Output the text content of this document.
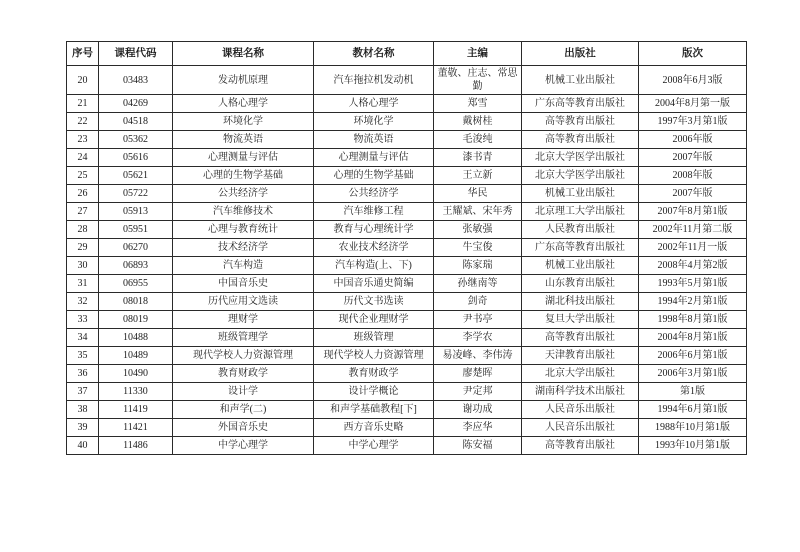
序号	课程代码	课程名称	教材名称	主编	出版社	版次
20	03483	发动机原理	汽车拖拉机发动机	董敬、庄志、常思勤	机械工业出版社	2008年6月3版
21	04269	人格心理学	人格心理学	郑雪	广东高等教育出版社	2004年8月第一版
22	04518	环境化学	环境化学	戴树桂	高等教育出版社	1997年3月第1版
23	05362	物流英语	物流英语	毛浚纯	高等教育出版社	2006年版
24	05616	心理测量与评估	心理测量与评估	漆书青	北京大学医学出版社	2007年版
25	05621	心理的生物学基础	心理的生物学基础	王立新	北京大学医学出版社	2008年版
26	05722	公共经济学	公共经济学	华民	机械工业出版社	2007年版
27	05913	汽车维修技术	汽车维修工程	王耀斌、宋年秀	北京理工大学出版社	2007年8月第1版
28	05951	心理与教育统计	教育与心理统计学	张敏强	人民教育出版社	2002年11月第二版
29	06270	技术经济学	农业技术经济学	牛宝俊	广东高等教育出版社	2002年11月一版
30	06893	汽车构造	汽车构造(上、下)	陈家瑞	机械工业出版社	2008年4月第2版
31	06955	中国音乐史	中国音乐通史简编	孙继南等	山东教育出版社	1993年5月第1版
32	08018	历代应用文选读	历代文书选读	剑奇	湖北科技出版社	1994年2月第1版
33	08019	理财学	现代企业理财学	尹书亭	复旦大学出版社	1998年8月第1版
34	10488	班级管理学	班级管理	李学农	高等教育出版社	2004年8月第1版
35	10489	现代学校人力资源管理	现代学校人力资源管理	易凌峰、李伟涛	天津教育出版社	2006年6月第1版
36	10490	教育财政学	教育财政学	廖楚晖	北京大学出版社	2006年3月第1版
37	11330	设计学	设计学概论	尹定邦	湖南科学技术出版社	第1版
38	11419	和声学(二)	和声学基础教程[下]	谢功成	人民音乐出版社	1994年6月第1版
39	11421	外国音乐史	西方音乐史略	李应华	人民音乐出版社	1988年10月第1版
40	11486	中学心理学	中学心理学	陈安福	高等教育出版社	1993年10月第1版
